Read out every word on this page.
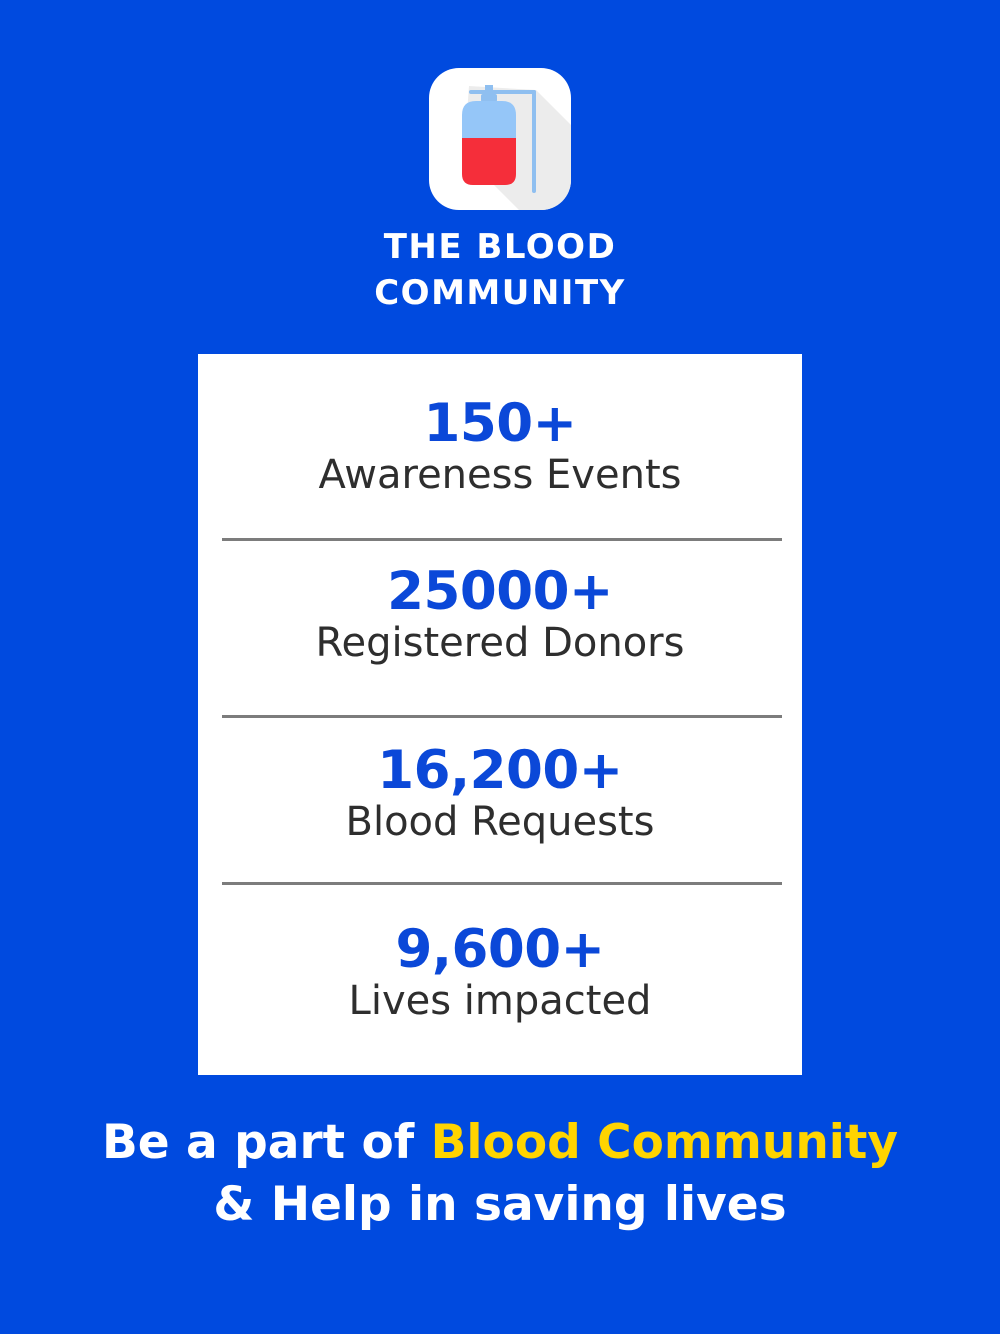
THE BLOOD
COMMUNITY
150+
Awareness Events
25000+
Registered Donors
16,200+
Blood Requests
9,600+
Lives impacted
Be a part of Blood Community
& Help in saving lives
